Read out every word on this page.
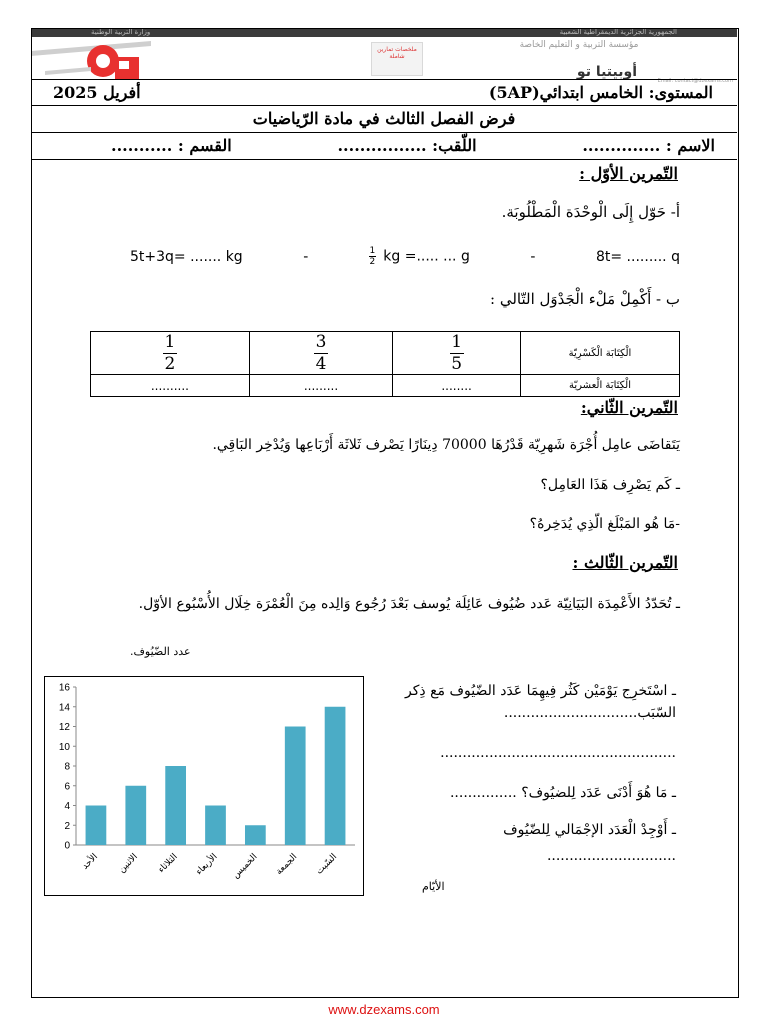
الجمهورية الجزائرية الديمقراطية الشعبية
وزارة التربية الوطنية
ملخصات تمارين شاملة
مؤسسة التربية و التعليم الخاصة
أوبيتيا تو
Email: contact@dzexams.com
المستوى: الخامس ابتدائي(5AP)
أفريل 2025
فرض الفصل الثالث في مادة الرّياضيات
الاسم : ..............
اللّقب: ................
القسم : ...........
التّمرين الأوّل :
أ- حَوّل إِلَى الْوحْدَة الْمَطْلُوبَة.
5t+3q= ....... kg	-	$\frac{1}{2}$ kg =..... ... g	-	8t= ......... q
ب - أَكْمِلْ مَلْء الْجَدْوَل التّالي :
الْكِتَابَة الْكَسْرِيّة	$\frac{1}{5}$	$\frac{3}{4}$	$\frac{1}{2}$

الْكِتَابَة الْعشريّة	........	.........	..........
التّمرين الثّاني:
يَتَقاضَى عامِل أُجْرَة شَهرِيّة قَدْرُهَا 70000 دِينَارًا يَصْرف ثَلاثَة أَرْبَاعِها وَيُدْخِر البَاقِي.
ـ كَم يَصْرِف هَذَا العَامِل؟
-مَا هُو المَبْلَغ الّذِي يُدَخِرهُ؟
التّمرين الثّالث :
ـ تُحَدّدُ الأَعْمِدَة البَيَانِيّة عَدد ضُيُوف عَائِلَة يُوسف بَعْدَ رُجُوع وَالِده مِنَ الْعُمْرَة خِلَال الأُسْبُوع الأوّل.
عدد الضّيُوف.
0
2
4
6
8
10
12
14
16
الأحد الاثنين الثلاثاء الأربعاء الخميس الجمعة السّبت
الأيّام
ـ اسْتَخرِج يَوْمَيْن كَثُر فِيهِمَا عَدَد الضّيُوف مَع ذِكر السّبَب..............................
.....................................................
ـ مَا هُوَ أَدْنَى عَدَد لِلضيُوف؟ ...............
ـ أَوْجِدْ الْعَدَد الإجْمَالي لِلضّيُوف
.............................
www.dzexams.com
